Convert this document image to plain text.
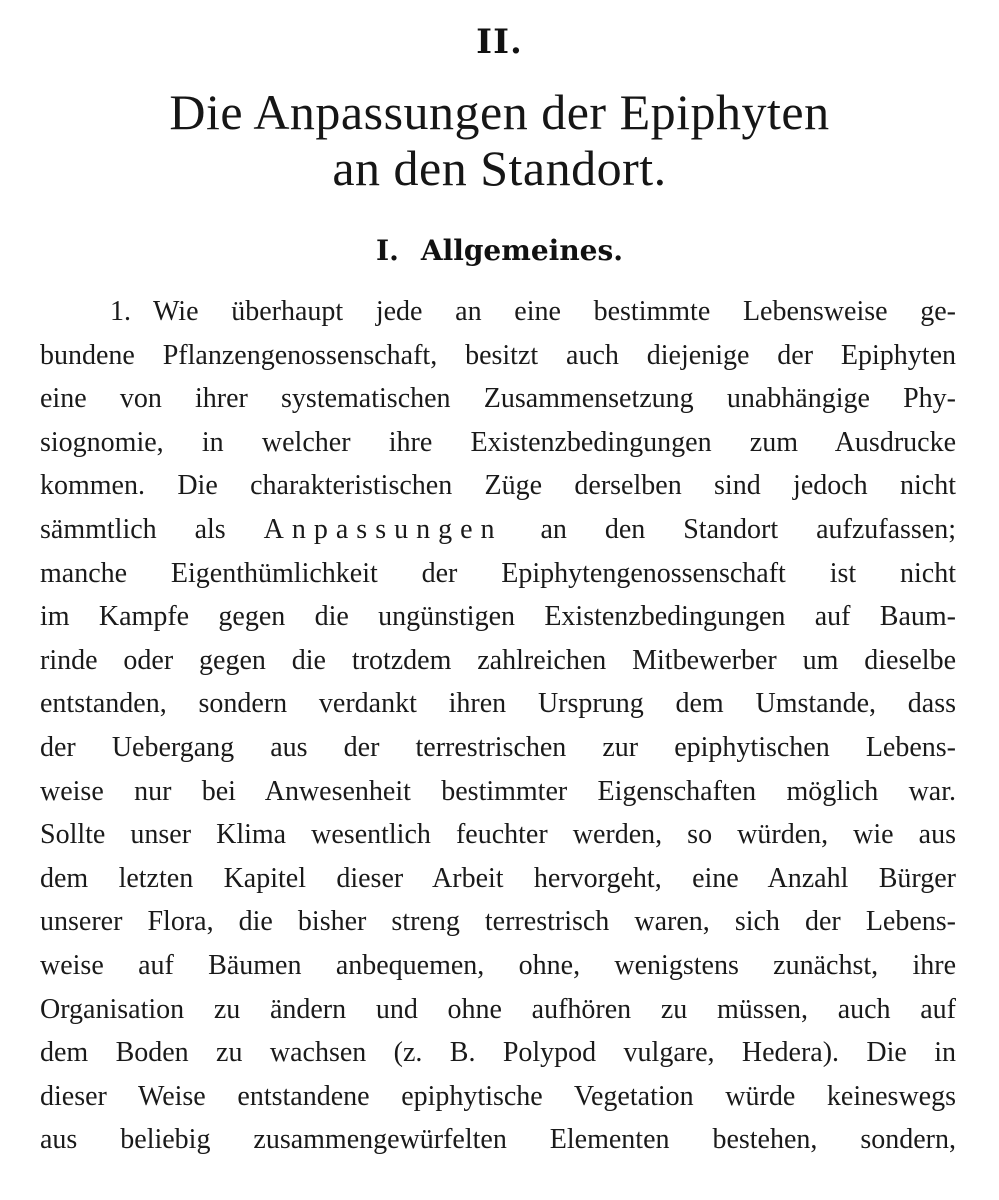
II.
Die Anpassungen der Epiphyten
an den Standort.
I. Allgemeines.
1. Wie überhaupt jede an eine bestimmte Lebensweise ge-
bundene Pflanzengenossenschaft, besitzt auch diejenige der Epiphyten
eine von ihrer systematischen Zusammensetzung unabhängige Phy-
siognomie, in welcher ihre Existenzbedingungen zum Ausdrucke
kommen. Die charakteristischen Züge derselben sind jedoch nicht
sämmtlich als Anpassungen an den Standort aufzufassen;
manche Eigenthümlichkeit der Epiphytengenossenschaft ist nicht
im Kampfe gegen die ungünstigen Existenzbedingungen auf Baum-
rinde oder gegen die trotzdem zahlreichen Mitbewerber um dieselbe
entstanden, sondern verdankt ihren Ursprung dem Umstande, dass
der Uebergang aus der terrestrischen zur epiphytischen Lebens-
weise nur bei Anwesenheit bestimmter Eigenschaften möglich war.
Sollte unser Klima wesentlich feuchter werden, so würden, wie aus
dem letzten Kapitel dieser Arbeit hervorgeht, eine Anzahl Bürger
unserer Flora, die bisher streng terrestrisch waren, sich der Lebens-
weise auf Bäumen anbequemen, ohne, wenigstens zunächst, ihre
Organisation zu ändern und ohne aufhören zu müssen, auch auf
dem Boden zu wachsen (z. B. Polypod vulgare, Hedera). Die in
dieser Weise entstandene epiphytische Vegetation würde keineswegs
aus beliebig zusammengewürfelten Elementen bestehen, sondern,
